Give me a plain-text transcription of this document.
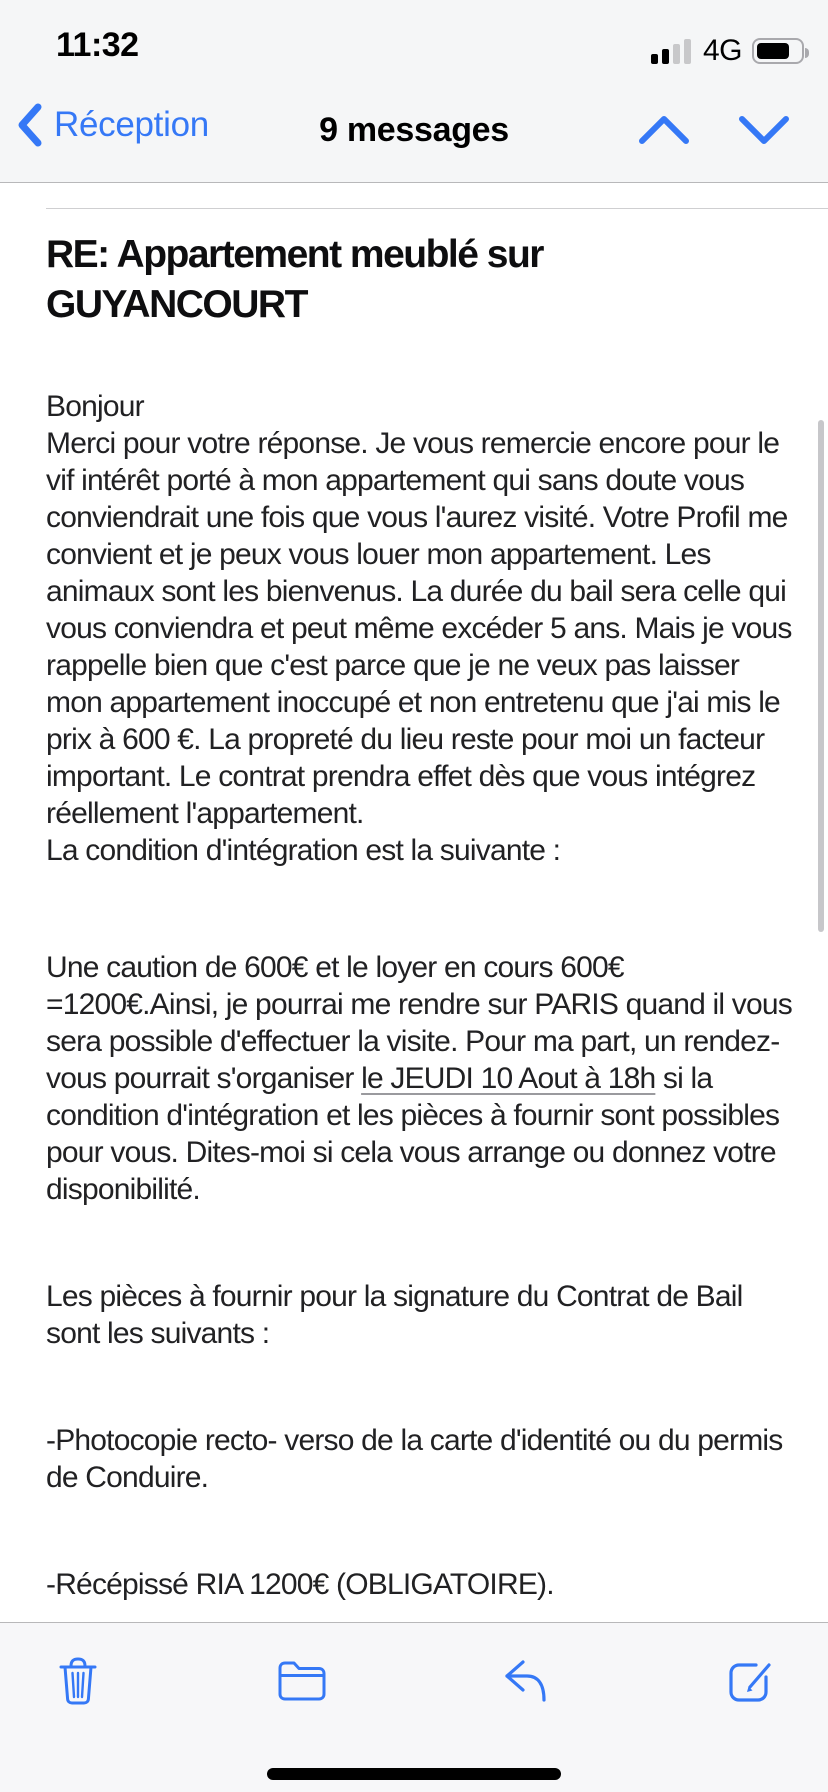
11:32	4G
Réception	9 messages
RE: Appartement meublé sur GUYANCOURT
Bonjour
Merci pour votre réponse. Je vous remercie encore pour le vif intérêt porté à mon appartement qui sans doute vous conviendrait une fois que vous l'aurez visité. Votre Profil me convient et je peux vous louer mon appartement. Les animaux sont les bienvenus. La durée du bail sera celle qui vous conviendra et peut même excéder 5 ans. Mais je vous rappelle bien que c'est parce que je ne veux pas laisser mon appartement inoccupé et non entretenu que j'ai mis le prix à 600 €. La propreté du lieu reste pour moi un facteur important. Le contrat prendra effet dès que vous intégrez réellement l'appartement.
La condition d'intégration est la suivante :
Une caution de 600€ et le loyer en cours 600€ =1200€.Ainsi, je pourrai me rendre sur PARIS quand il vous sera possible d'effectuer la visite. Pour ma part, un rendez-vous pourrait s'organiser le JEUDI 10 Aout à 18h si la condition d'intégration et les pièces à fournir sont possibles pour vous. Dites-moi si cela vous arrange ou donnez votre disponibilité.
Les pièces à fournir pour la signature du Contrat de Bail sont les suivants :
-Photocopie recto- verso de la carte d'identité ou du permis de Conduire.
-Récépissé RIA 1200€ (OBLIGATOIRE).
